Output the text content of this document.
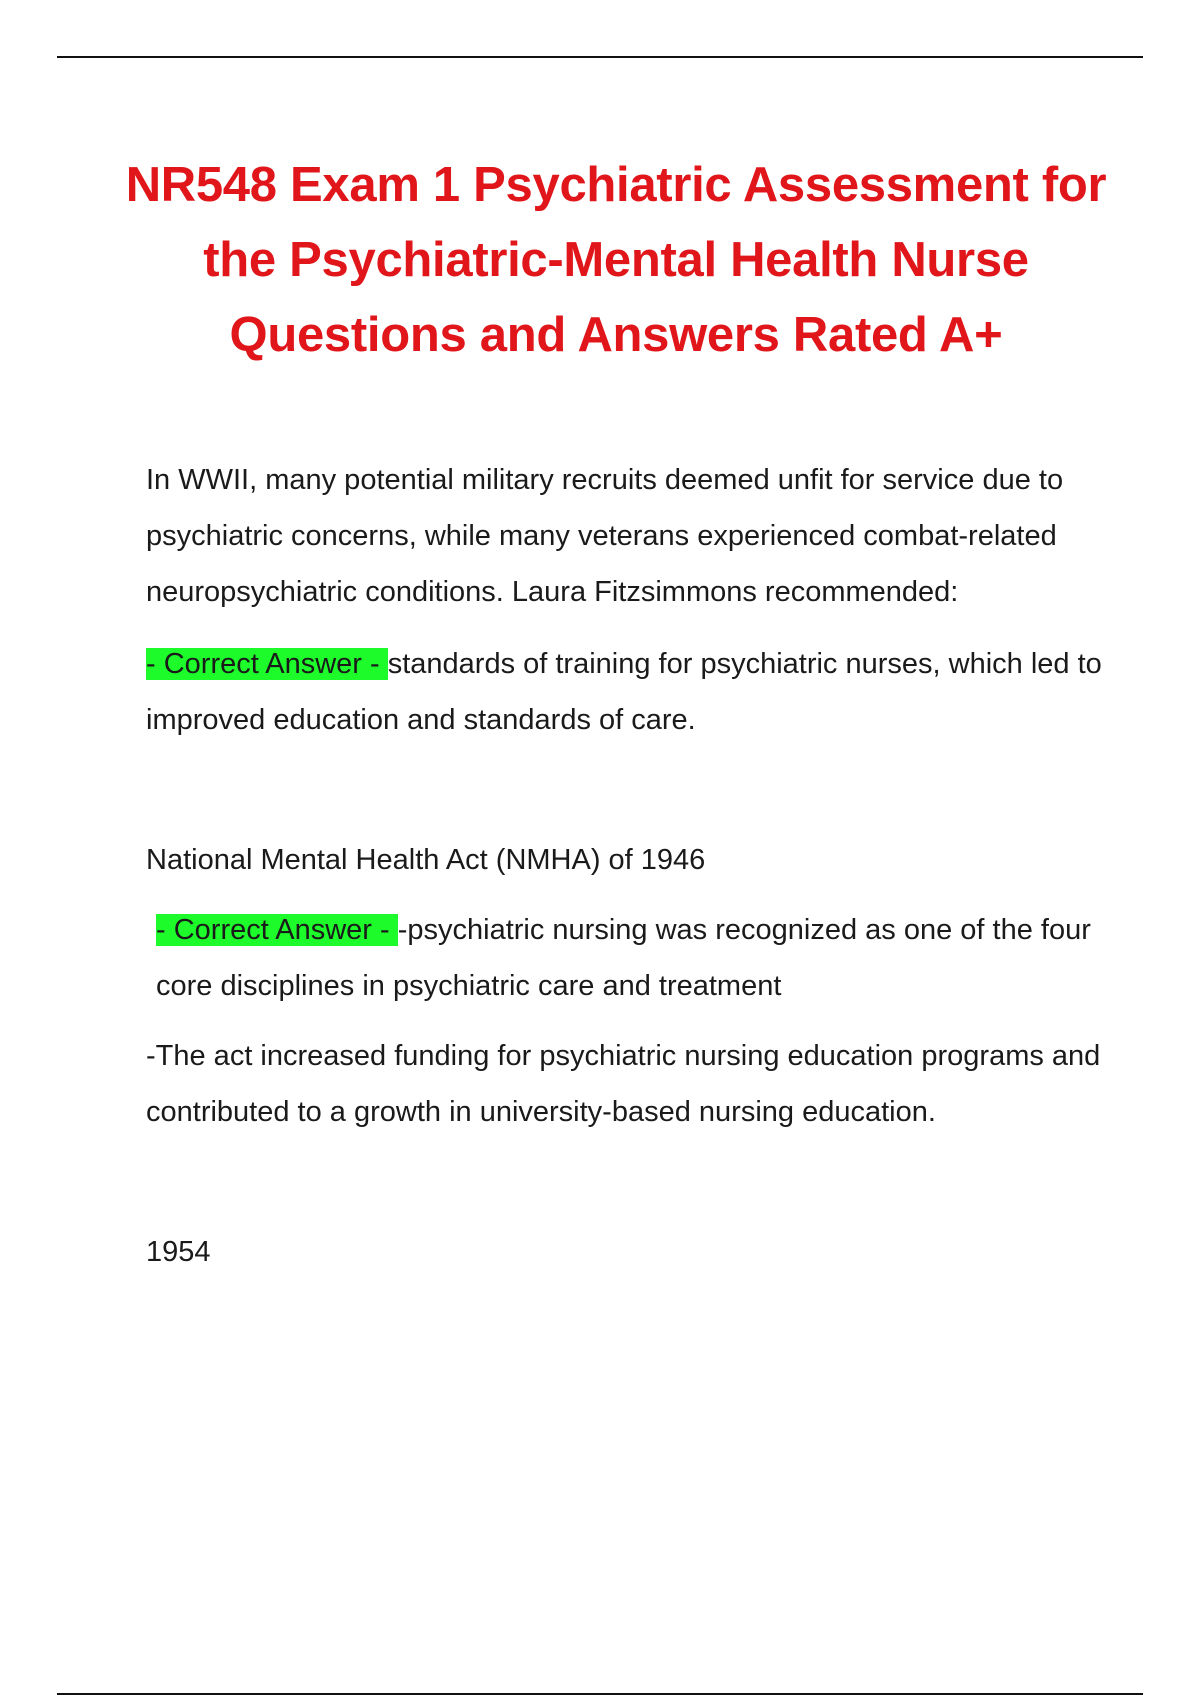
NR548 Exam 1 Psychiatric Assessment for the Psychiatric-Mental Health Nurse Questions and Answers Rated A+

In WWII, many potential military recruits deemed unfit for service due to psychiatric concerns, while many veterans experienced combat-related neuropsychiatric conditions. Laura Fitzsimmons recommended:

- Correct Answer - standards of training for psychiatric nurses, which led to improved education and standards of care.

National Mental Health Act (NMHA) of 1946

- Correct Answer - -psychiatric nursing was recognized as one of the four core disciplines in psychiatric care and treatment

-The act increased funding for psychiatric nursing education programs and contributed to a growth in university-based nursing education.

1954
